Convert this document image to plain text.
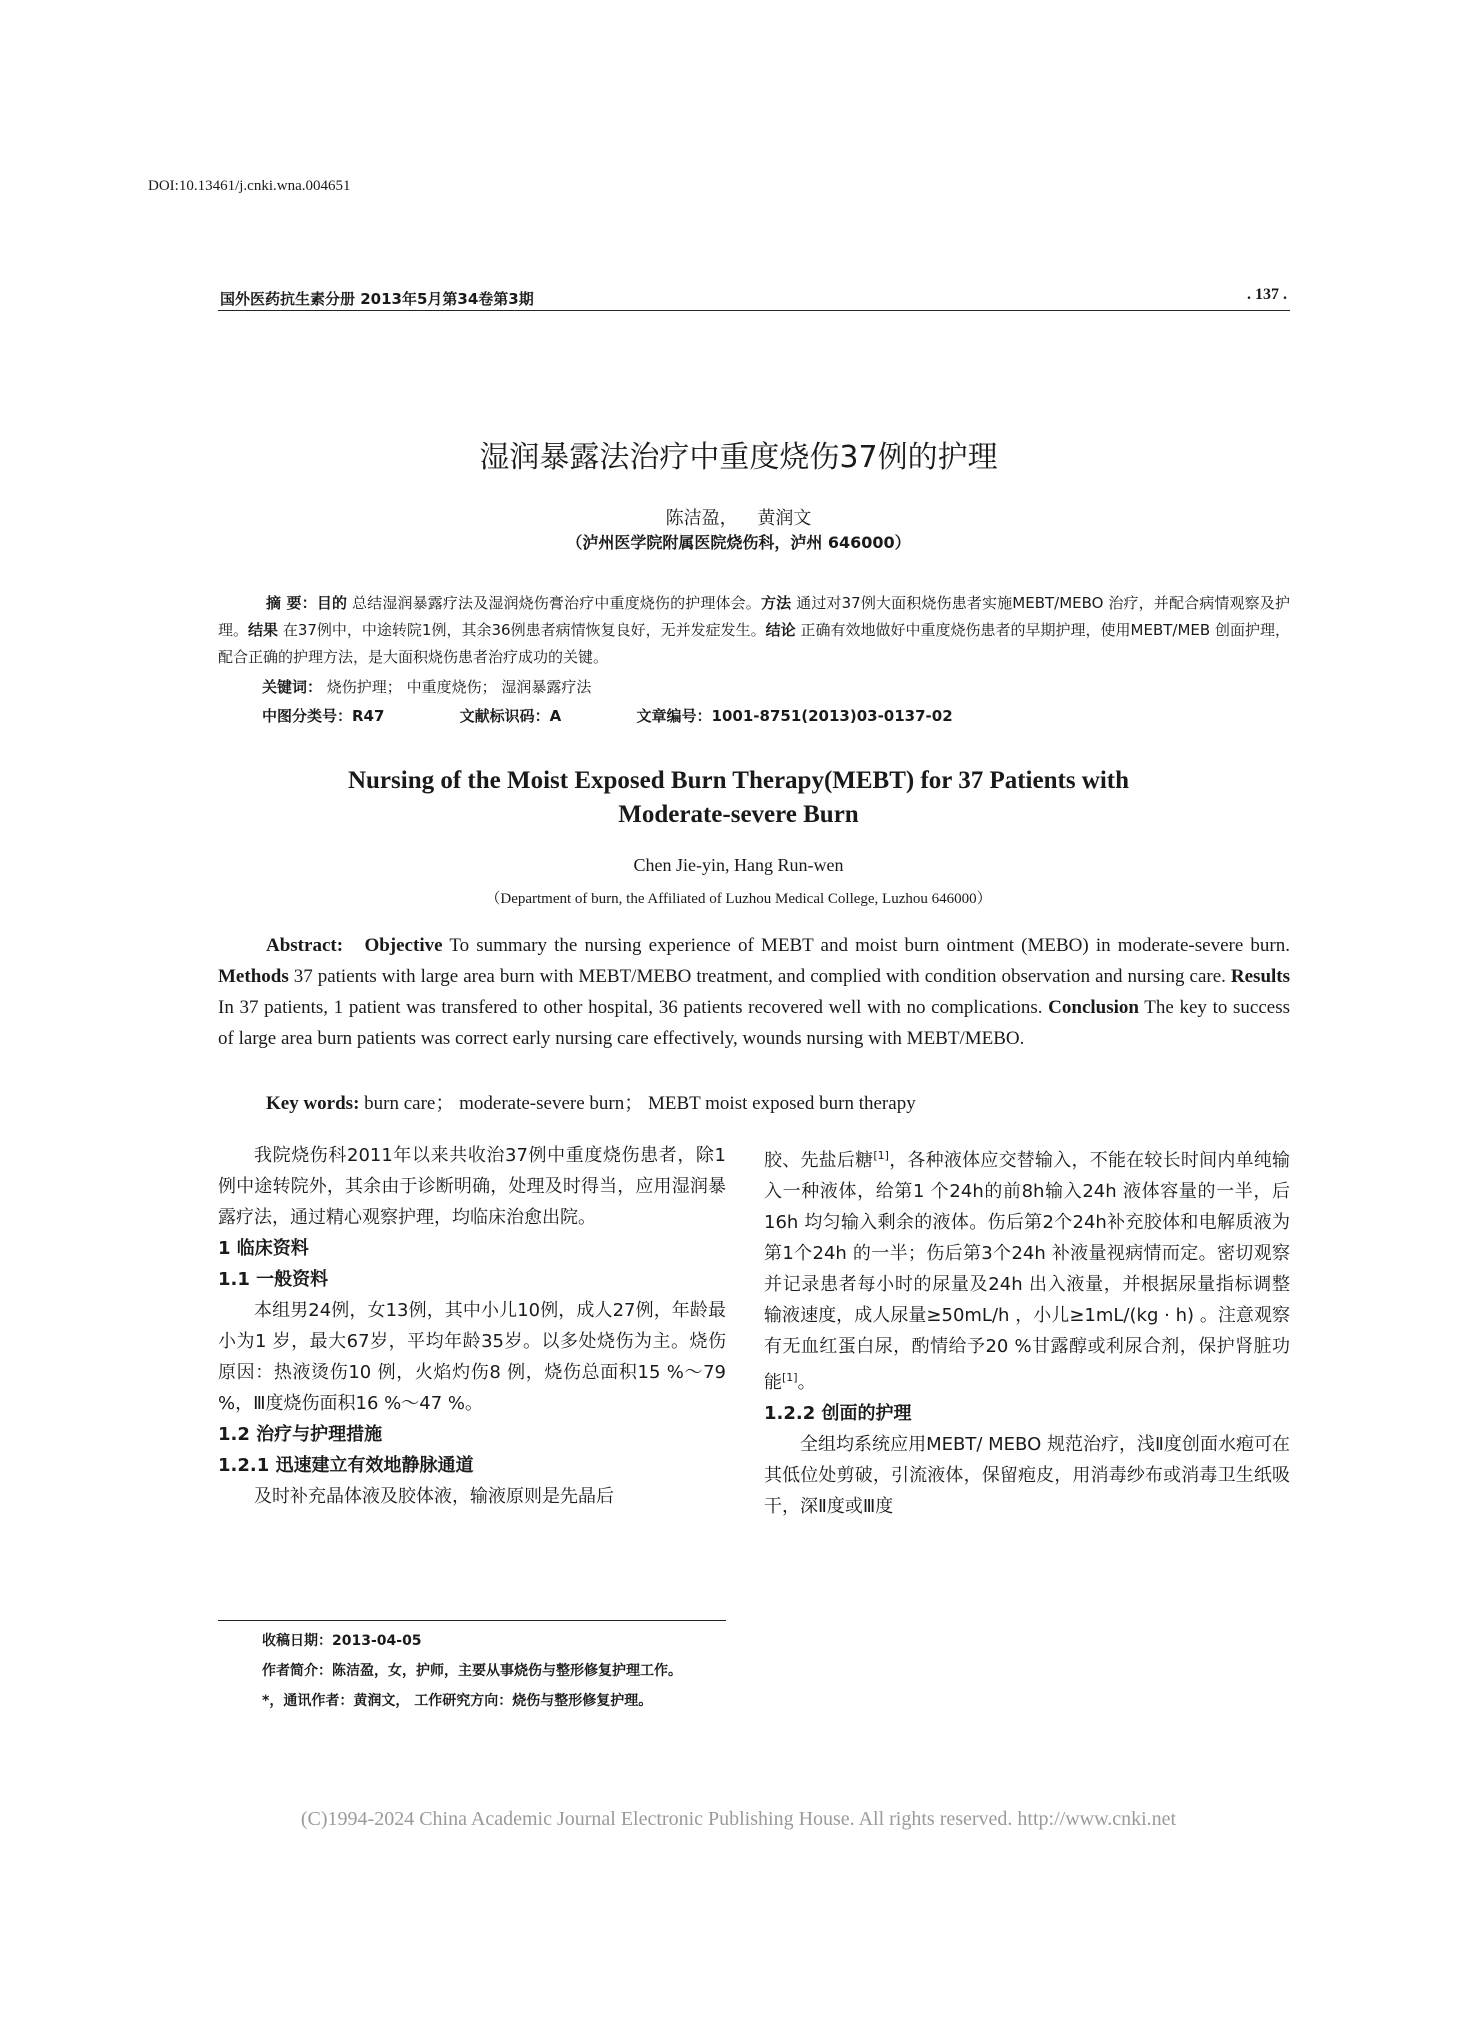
DOI:10.13461/j.cnki.wna.004651
国外医药抗生素分册 2013年5月第34卷第3期	. 137 .
湿润暴露法治疗中重度烧伤37例的护理
陈洁盈， 黄润文
（泸州医学院附属医院烧伤科，泸州 646000）

摘 要：目的 总结湿润暴露疗法及湿润烧伤膏治疗中重度烧伤的护理体会。方法 通过对37例大面积烧伤患者实施MEBT/MEBO 治疗，并配合病情观察及护理。结果 在37例中，中途转院1例，其余36例患者病情恢复良好，无并发症发生。结论 正确有效地做好中重度烧伤患者的早期护理，使用MEBT/MEB 创面护理，配合正确的护理方法，是大面积烧伤患者治疗成功的关键。

关键词： 烧伤护理； 中重度烧伤； 湿润暴露疗法
中图分类号：R47	文献标识码：A	文章编号：1001-8751(2013)03-0137-02
Nursing of the Moist Exposed Burn Therapy(MEBT) for 37 Patients with
Moderate-severe Burn
Chen Jie-yin, Hang Run-wen
（Department of burn, the Affiliated of Luzhou Medical College, Luzhou 646000）

Abstract: Objective To summary the nursing experience of MEBT and moist burn ointment (MEBO) in moderate-severe burn. Methods 37 patients with large area burn with MEBT/MEBO treatment, and complied with condition observation and nursing care. Results In 37 patients, 1 patient was transfered to other hospital, 36 patients recovered well with no complications. Conclusion The key to success of large area burn patients was correct early nursing care effectively, wounds nursing with MEBT/MEBO.

Key words: burn care； moderate-severe burn； MEBT moist exposed burn therapy

我院烧伤科2011年以来共收治37例中重度烧伤患者，除1例中途转院外，其余由于诊断明确，处理及时得当，应用湿润暴露疗法，通过精心观察护理，均临床治愈出院。

1 临床资料

1.1 一般资料

本组男24例，女13例，其中小儿10例，成人27例，年龄最小为1 岁，最大67岁，平均年龄35岁。以多处烧伤为主。烧伤原因：热液烫伤10 例，火焰灼伤8 例，烧伤总面积15 %～79 %，Ⅲ度烧伤面积16 %～47 %。

1.2 治疗与护理措施

1.2.1 迅速建立有效地静脉通道

及时补充晶体液及胶体液，输液原则是先晶后

胶、先盐后糖[1]，各种液体应交替输入，不能在较长时间内单纯输入一种液体，给第1 个24h的前8h输入24h 液体容量的一半，后16h 均匀输入剩余的液体。伤后第2个24h补充胶体和电解质液为第1个24h 的一半；伤后第3个24h 补液量视病情而定。密切观察并记录患者每小时的尿量及24h 出入液量，并根据尿量指标调整输液速度，成人尿量≥50mL/h ，小儿≥1mL/(kg · h) 。注意观察有无血红蛋白尿，酌情给予20 %甘露醇或利尿合剂，保护肾脏功能[1]。

1.2.2 创面的护理

全组均系统应用MEBT/ MEBO 规范治疗，浅Ⅱ度创面水疱可在其低位处剪破，引流液体，保留疱皮，用消毒纱布或消毒卫生纸吸干，深Ⅱ度或Ⅲ度

收稿日期：2013-04-05
作者简介：陈洁盈，女，护师，主要从事烧伤与整形修复护理工作。
*，通讯作者：黄润文， 工作研究方向：烧伤与整形修复护理。
(C)1994-2024 China Academic Journal Electronic Publishing House. All rights reserved. http://www.cnki.net
